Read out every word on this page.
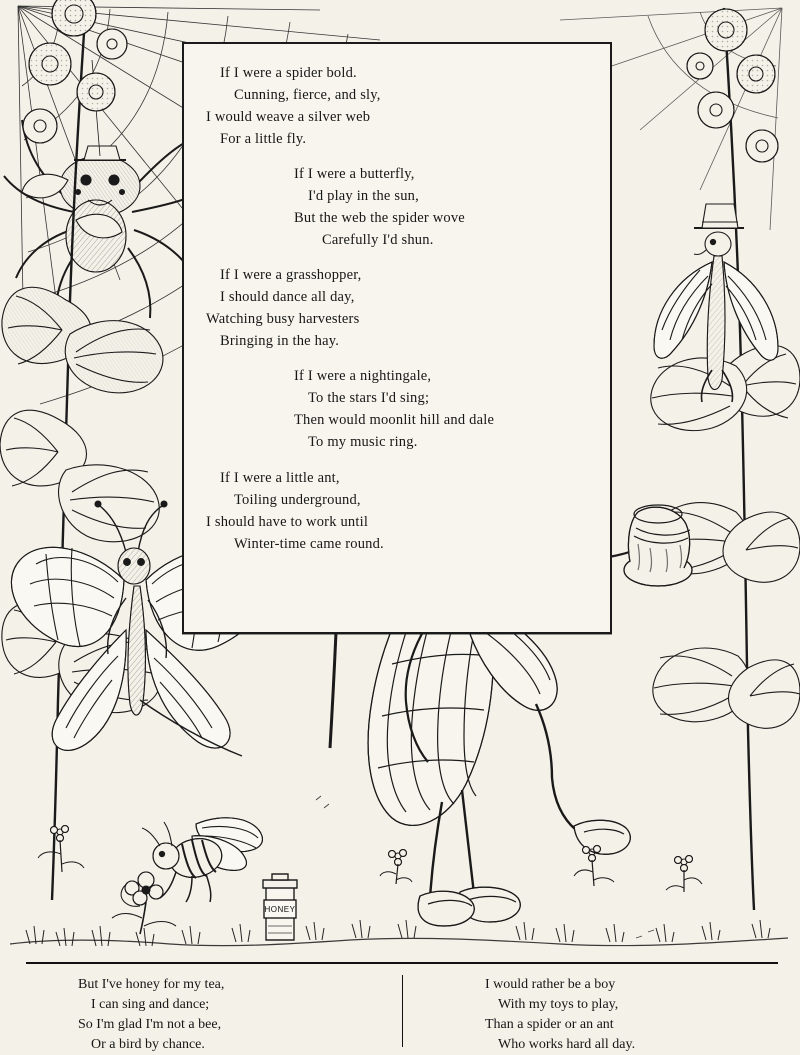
If I were a spider bold.
Cunning, fierce, and sly,
I would weave a silver web
For a little fly.
If I were a butterfly,
I'd play in the sun,
But the web the spider wove
Carefully I'd shun.
If I were a grasshopper,
I should dance all day,
Watching busy harvesters
Bringing in the hay.
If I were a nightingale,
To the stars I'd sing;
Then would moonlit hill and dale
To my music ring.
If I were a little ant,
Toiling underground,
I should have to work until
Winter-time came round.
HONEY
But I've honey for my tea,
I can sing and dance;
So I'm glad I'm not a bee,
Or a bird by chance.
I would rather be a boy
With my toys to play,
Than a spider or an ant
Who works hard all day.
